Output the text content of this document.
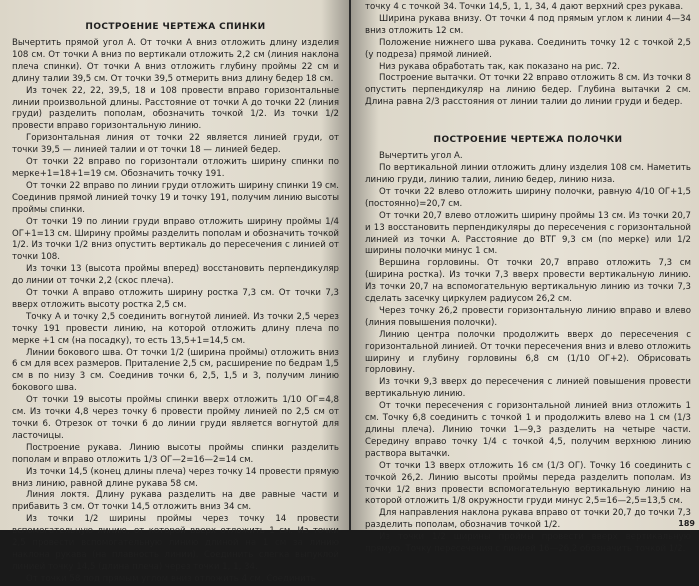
ПОСТРОЕНИЕ ЧЕРТЕЖА СПИНКИ

Вычертить прямой угол А. От точки А вниз отложить длину изделия 108 см. От точки А вниз по вертикали отложить 2,2 см (линия наклона плеча спинки). От точки А вниз отложить глубину проймы 22 см и длину талии 39,5 см. От точки 39,5 отмерить вниз длину бедер 18 см.

Из точек 22, 22, 39,5, 18 и 108 провести вправо горизонтальные линии произвольной длины. Расстояние от точки А до точки 22 (линия груди) разделить пополам, обозначить точкой 1/2. Из точки 1/2 провести вправо горизонтальную линию.

Горизонтальная линия от точки 22 является линией груди, от точки 39,5 — линией талии и от точки 18 — линией бедер.

От точки 22 вправо по горизонтали отложить ширину спинки по мерке+1=18+1=19 см. Обозначить точку 191.

От точки 22 вправо по линии груди отложить ширину спинки 19 см. Соединив прямой линией точку 19 и точку 191, получим линию высоты проймы спинки.

От точки 19 по линии груди вправо отложить ширину проймы 1/4 ОГ+1=13 см. Ширину проймы разделить пополам и обозначить точкой 1/2. Из точки 1/2 вниз опустить вертикаль до пересечения с линией от точки 108.

Из точки 13 (высота проймы вперед) восстановить перпендикуляр до линии от точки 2,2 (скос плеча).

От точки А вправо отложить ширину ростка 7,3 см. От точки 7,3 вверх отложить высоту ростка 2,5 см.

Точку А и точку 2,5 соединить вогнутой линией. Из точки 2,5 через точку 191 провести линию, на которой отложить длину плеча по мерке +1 см (на посадку), то есть 13,5+1=14,5 см.

Линии бокового шва. От точки 1/2 (ширина проймы) отложить вниз 6 см для всех размеров. Приталение 2,5 см, расширение по бедрам 1,5 см в по низу 3 см. Соединив точки 6, 2,5, 1,5 и 3, получим линию бокового шва.

От точки 19 высоты проймы спинки вверх отложить 1/10 ОГ=4,8 см. Из точки 4,8 через точку 6 провести пройму линией по 2,5 см от точки 6. Отрезок от точки 6 до линии груди является вогнутой для ласточицы.

Построение рукава. Линию высоты проймы спинки разделить пополам и вправо отложить 1/3 ОГ—2=16—2=14 см.

Из точки 14,5 (конец длины плеча) через точку 14 провести прямую вниз линию, равной длине рукава 58 см.

Линия локтя. Длину рукава разделить на две равные части и прибавить 3 см. От точки 14,5 отложить вниз 34 см.

Из точки 1/2 ширины проймы через точку 14 провести вспомогательную линию, от которой вверх отложить 1 см. Из точки 2,5 провести вспомогательную линию длиной на 1 см за линию наклона рукава (на плавность линии). Соединить слегка выпуклой линией точку 14,5 (длина плеча) через точки 1, 1, 34.

От точки 58 под прямым углом вниз отложить 4 см. Соединить

точку 4 с точкой 34. Точки 14,5, 1, 1, 34, 4 дают верхний срез рукава.

Ширина рукава внизу. От точки 4 под прямым углом к линии 4—34 вниз отложить 12 см.

Положение нижнего шва рукава. Соединить точку 12 с точкой 2,5 (у подреза) прямой линией.

Низ рукава обработать так, как показано на рис. 72.

Построение вытачки. От точки 22 вправо отложить 8 см. Из точки 8 опустить перпендикуляр на линию бедер. Глубина вытачки 2 см. Длина равна 2/3 расстояния от линии талии до линии груди и бедер.

ПОСТРОЕНИЕ ЧЕРТЕЖА ПОЛОЧКИ

Вычертить угол А.

По вертикальной линии отложить длину изделия 108 см. Наметить линию груди, линию талии, линию бедер, линию низа.

От точки 22 влево отложить ширину полочки, равную 4/10 ОГ+1,5 (постоянно)=20,7 см.

От точки 20,7 влево отложить ширину проймы 13 см. Из точки 20,7 и 13 восстановить перпендикуляры до пересечения с горизонтальной линией из точки А. Расстояние до ВТГ 9,3 см (по мерке) или 1/2 ширины полочки минус 1 см.

Вершина горловины. От точки 20,7 вправо отложить 7,3 см (ширина ростка). Из точки 7,3 вверх провести вертикальную линию. Из точки 20,7 на вспомогательную вертикальную линию из точки 7,3 сделать засечку циркулем радиусом 26,2 см.

Через точку 26,2 провести горизонтальную линию вправо и влево (линия повышения полочки).

Линию центра полочки продолжить вверх до пересечения с горизонтальной линией. От точки пересечения вниз и влево отложить ширину и глубину горловины 6,8 см (1/10 ОГ+2). Обрисовать горловину.

Из точки 9,3 вверх до пересечения с линией повышения провести вертикальную линию.

От точки пересечения с горизонтальной линией вниз отложить 1 см. Точку 6,8 соединить с точкой 1 и продолжить влево на 1 см (1/3 длины плеча). Линию точки 1—9,3 разделить на четыре части. Середину вправо точку 1/4 с точкой 4,5, получим верхнюю линию раствора вытачки.

От точки 13 вверх отложить 16 см (1/3 ОГ). Точку 16 соединить с точкой 26,2. Линию высоты проймы переда разделить пополам. Из точки 1/2 вниз провести вспомогательную вертикальную линию на которой отложить 1/8 окружности груди минус 2,5=16—2,5=13,5 см.

Для направления наклона рукава вправо от точки 20,7 до точки 7,3 разделить пополам, обозначив точкой 1/2.

Из точки 1/2 ширины проймы провести вверх вертикальную прямую. Точку пересечения с линией 16—26,2 обозначить точкой 1/2.

189
